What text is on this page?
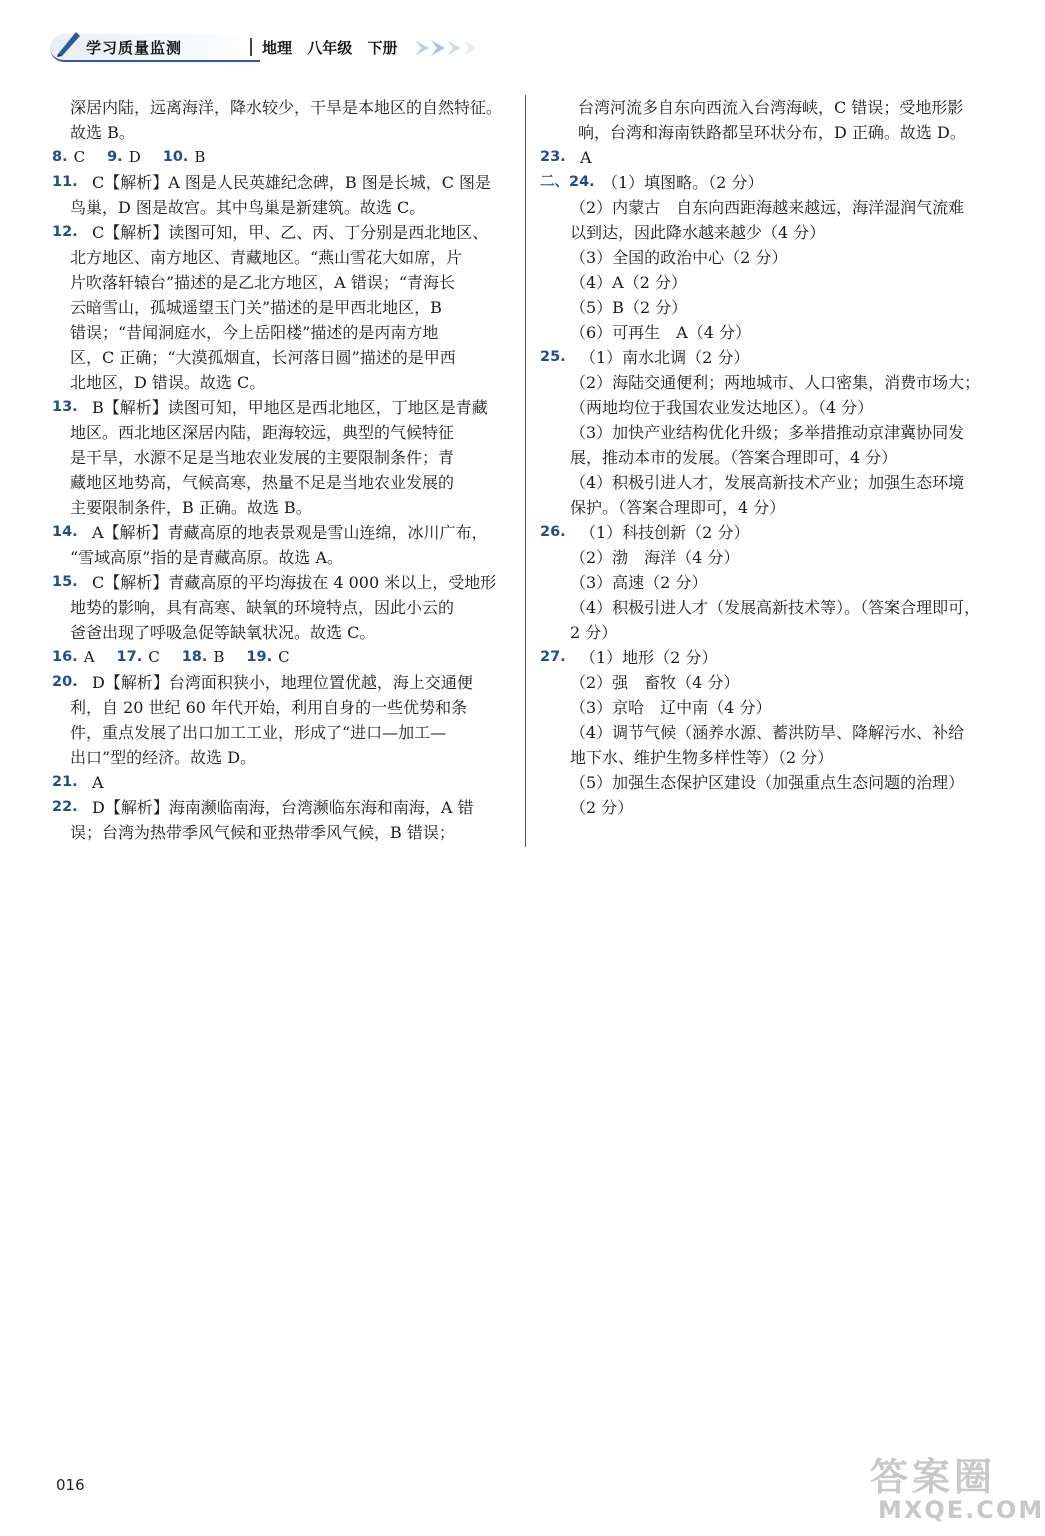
学习质量监测	地理 八年级 下册
深居内陆，远离海洋，降水较少，干旱是本地区的自然特征。
故选 B。
8. C 9. D 10. B
11. C【解析】A 图是人民英雄纪念碑，B 图是长城，C 图是
鸟巢，D 图是故宫。其中鸟巢是新建筑。故选 C。
12. C【解析】读图可知，甲、乙、丙、丁分别是西北地区、
北方地区、南方地区、青藏地区。“燕山雪花大如席，片
片吹落轩辕台”描述的是乙北方地区，A 错误；“青海长
云暗雪山，孤城遥望玉门关”描述的是甲西北地区，B
错误；“昔闻洞庭水，今上岳阳楼”描述的是丙南方地
区，C 正确；“大漠孤烟直，长河落日圆”描述的是甲西
北地区，D 错误。故选 C。
13. B【解析】读图可知，甲地区是西北地区，丁地区是青藏
地区。西北地区深居内陆，距海较远，典型的气候特征
是干旱，水源不足是当地农业发展的主要限制条件；青
藏地区地势高，气候高寒，热量不足是当地农业发展的
主要限制条件，B 正确。故选 B。
14. A【解析】青藏高原的地表景观是雪山连绵，冰川广布，
“雪域高原”指的是青藏高原。故选 A。
15. C【解析】青藏高原的平均海拔在 4 000 米以上，受地形
地势的影响，具有高寒、缺氧的环境特点，因此小云的
爸爸出现了呼吸急促等缺氧状况。故选 C。
16. A 17. C 18. B 19. C
20. D【解析】台湾面积狭小，地理位置优越，海上交通便
利，自 20 世纪 60 年代开始，利用自身的一些优势和条
件，重点发展了出口加工工业，形成了“进口—加工—
出口”型的经济。故选 D。
21. A
22. D【解析】海南濒临南海，台湾濒临东海和南海，A 错
误；台湾为热带季风气候和亚热带季风气候，B 错误；
台湾河流多自东向西流入台湾海峡，C 错误；受地形影
响，台湾和海南铁路都呈环状分布，D 正确。故选 D。
23. A
二、24. （1）填图略。（2 分）
（2）内蒙古　自东向西距海越来越远，海洋湿润气流难
以到达，因此降水越来越少（4 分）
（3）全国的政治中心（2 分）
（4）A（2 分）
（5）B（2 分）
（6）可再生　A（4 分）
25. （1）南水北调（2 分）
（2）海陆交通便利；两地城市、人口密集，消费市场大；
（两地均位于我国农业发达地区）。（4 分）
（3）加快产业结构优化升级；多举措推动京津冀协同发
展，推动本市的发展。（答案合理即可，4 分）
（4）积极引进人才，发展高新技术产业；加强生态环境
保护。（答案合理即可，4 分）
26. （1）科技创新（2 分）
（2）渤　海洋（4 分）
（3）高速（2 分）
（4）积极引进人才（发展高新技术等）。（答案合理即可，
2 分）
27. （1）地形（2 分）
（2）强　畜牧（4 分）
（3）京哈　辽中南（4 分）
（4）调节气候（涵养水源、蓄洪防旱、降解污水、补给
地下水、维护生物多样性等）（2 分）
（5）加强生态保护区建设（加强重点生态问题的治理）
（2 分）
016	答案圈
MXQE.COM
